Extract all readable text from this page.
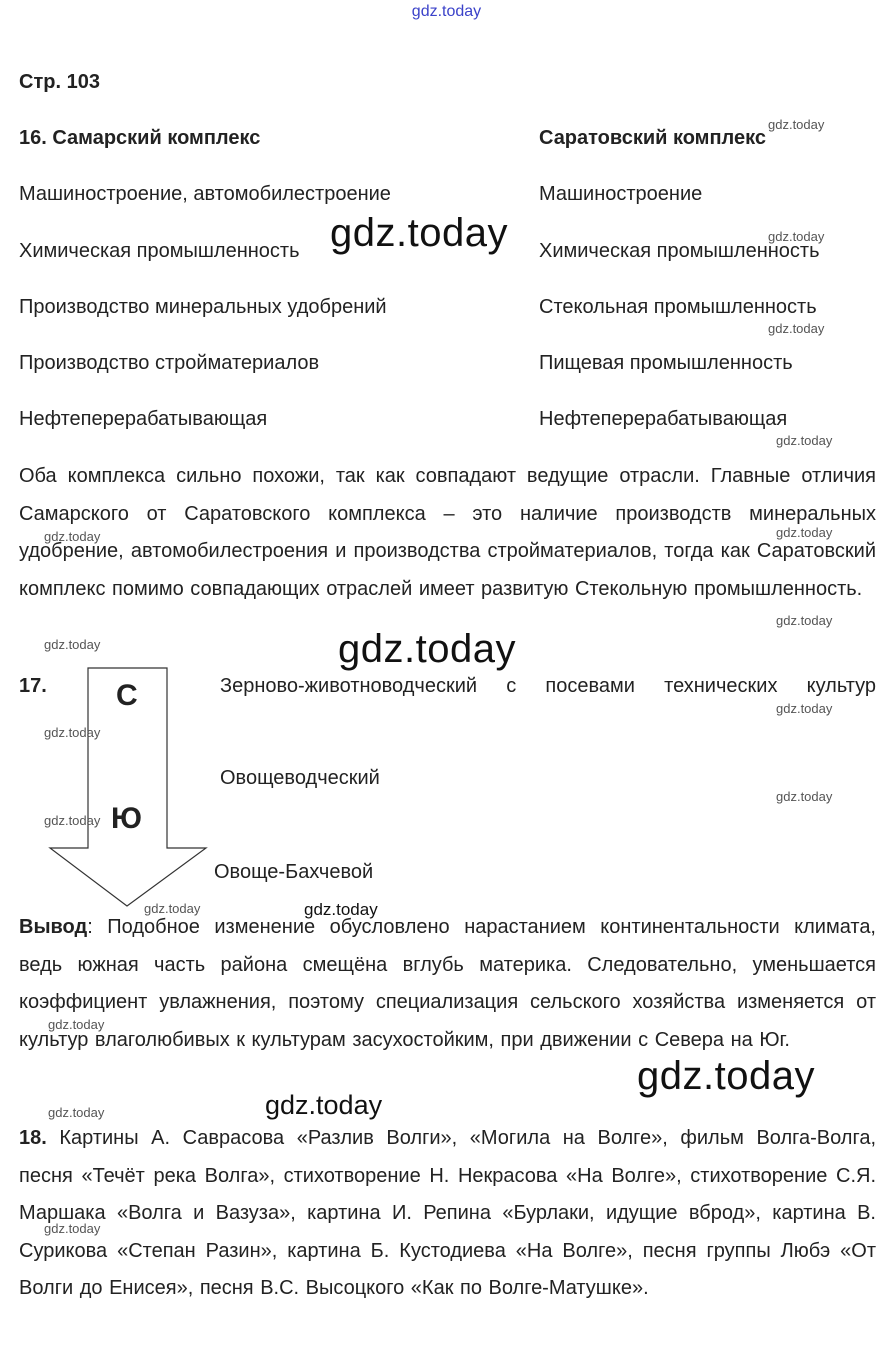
gdz.today
Стр. 103
16. Самарский комплекс	Саратовский комплекс
Машиностроение, автомобилестроение
Химическая промышленность
Производство минеральных удобрений
Производство стройматериалов
Нефтеперерабатывающая
Машиностроение
Химическая промышленность
Стекольная промышленность
Пищевая промышленность
Нефтеперерабатывающая
Оба комплекса сильно похожи, так как совпадают ведущие отрасли. Главные отличия Самарского от Саратовского комплекса – это наличие производств минеральных удобрение, автомобилестроения и производства стройматериалов, тогда как Саратовский комплекс помимо совпадающих отраслей имеет развитую Стекольную промышленность.
17. С
Ю
Зерново-животноводческий с посевами технических культур
Овощеводческий
Овоще-Бахчевой
Вывод: Подобное изменение обусловлено нарастанием континентальности климата, ведь южная часть района смещёна вглубь материка. Следовательно, уменьшается коэффициент увлажнения, поэтому специализация сельского хозяйства изменяется от культур влаголюбивых к культурам засухостойким, при движении с Севера на Юг.
18. Картины А. Саврасова «Разлив Волги», «Могила на Волге», фильм Волга-Волга, песня «Течёт река Волга», стихотворение Н. Некрасова «На Волге», стихотворение С.Я. Маршака «Волга и Вазуза», картина И. Репина «Бурлаки, идущие вброд», картина В. Сурикова «Степан Разин», картина Б. Кустодиева «На Волге», песня группы Любэ «От Волги до Енисея», песня В.С. Высоцкого «Как по Волге-Матушке».
gdz.today
gdz.today
gdz.today
gdz.today
gdz.today
gdz.today
gdz.today
gdz.today
gdz.today
gdz.today
gdz.today
gdz.today
gdz.today
gdz.today
gdz.today
gdz.today
gdz.today
gdz.today
gdz.today
gdz.today
gdz.today
